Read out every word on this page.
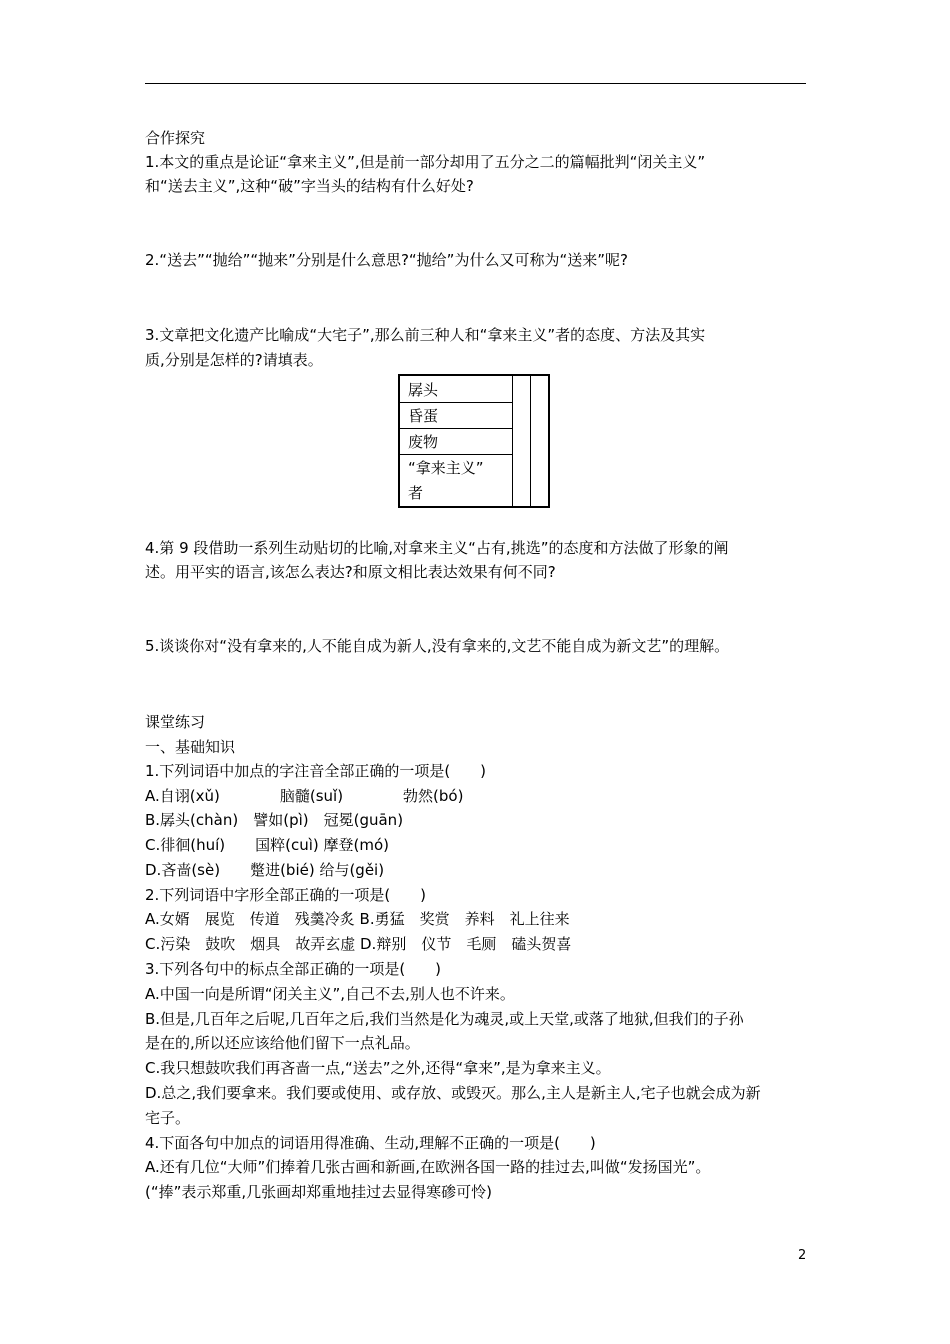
合作探究
1.本文的重点是论证“拿来主义”,但是前一部分却用了五分之二的篇幅批判“闭关主义”
和“送去主义”,这种“破”字当头的结构有什么好处?
2.“送去”“抛给”“抛来”分别是什么意思?“抛给”为什么又可称为“送来”呢?
3.文章把文化遗产比喻成“大宅子”,那么前三种人和“拿来主义”者的态度、方法及其实
质,分别是怎样的?请填表。
孱头
昏蛋
废物
“拿来主义”
者
4.第 9 段借助一系列生动贴切的比喻,对拿来主义“占有,挑选”的态度和方法做了形象的阐
述。用平实的语言,该怎么表达?和原文相比表达效果有何不同?
5.谈谈你对“没有拿来的,人不能自成为新人,没有拿来的,文艺不能自成为新文艺”的理解。
课堂练习
一、基础知识
1.下列词语中加点的字注音全部正确的一项是(　　)
A.自诩(xǔ)　　　　脑髓(suǐ)　　　　勃然(bó)
B.孱头(chàn)　譬如(pì)　冠冕(guān)
C.徘徊(huí)　　国粹(cuì) 摩登(mó)
D.吝啬(sè)　　蹩进(bié) 给与(gěi)
2.下列词语中字形全部正确的一项是(　　)
A.女婿　展览　传道　残羹冷炙 B.勇猛　奖赏　养料　礼上往来
C.污染　鼓吹　烟具　故弄玄虚 D.辩别　仪节　毛厕　磕头贺喜
3.下列各句中的标点全部正确的一项是(　　)
A.中国一向是所谓“闭关主义”,自己不去,别人也不许来。
B.但是,几百年之后呢,几百年之后,我们当然是化为魂灵,或上天堂,或落了地狱,但我们的子孙
是在的,所以还应该给他们留下一点礼品。
C.我只想鼓吹我们再吝啬一点,“送去”之外,还得“拿来”,是为拿来主义。
D.总之,我们要拿来。我们要或使用、或存放、或毁灭。那么,主人是新主人,宅子也就会成为新
宅子。
4.下面各句中加点的词语用得准确、生动,理解不正确的一项是(　　)
A.还有几位“大师”们捧着几张古画和新画,在欧洲各国一路的挂过去,叫做“发扬国光”。
(“捧”表示郑重,几张画却郑重地挂过去显得寒碜可怜)
2
